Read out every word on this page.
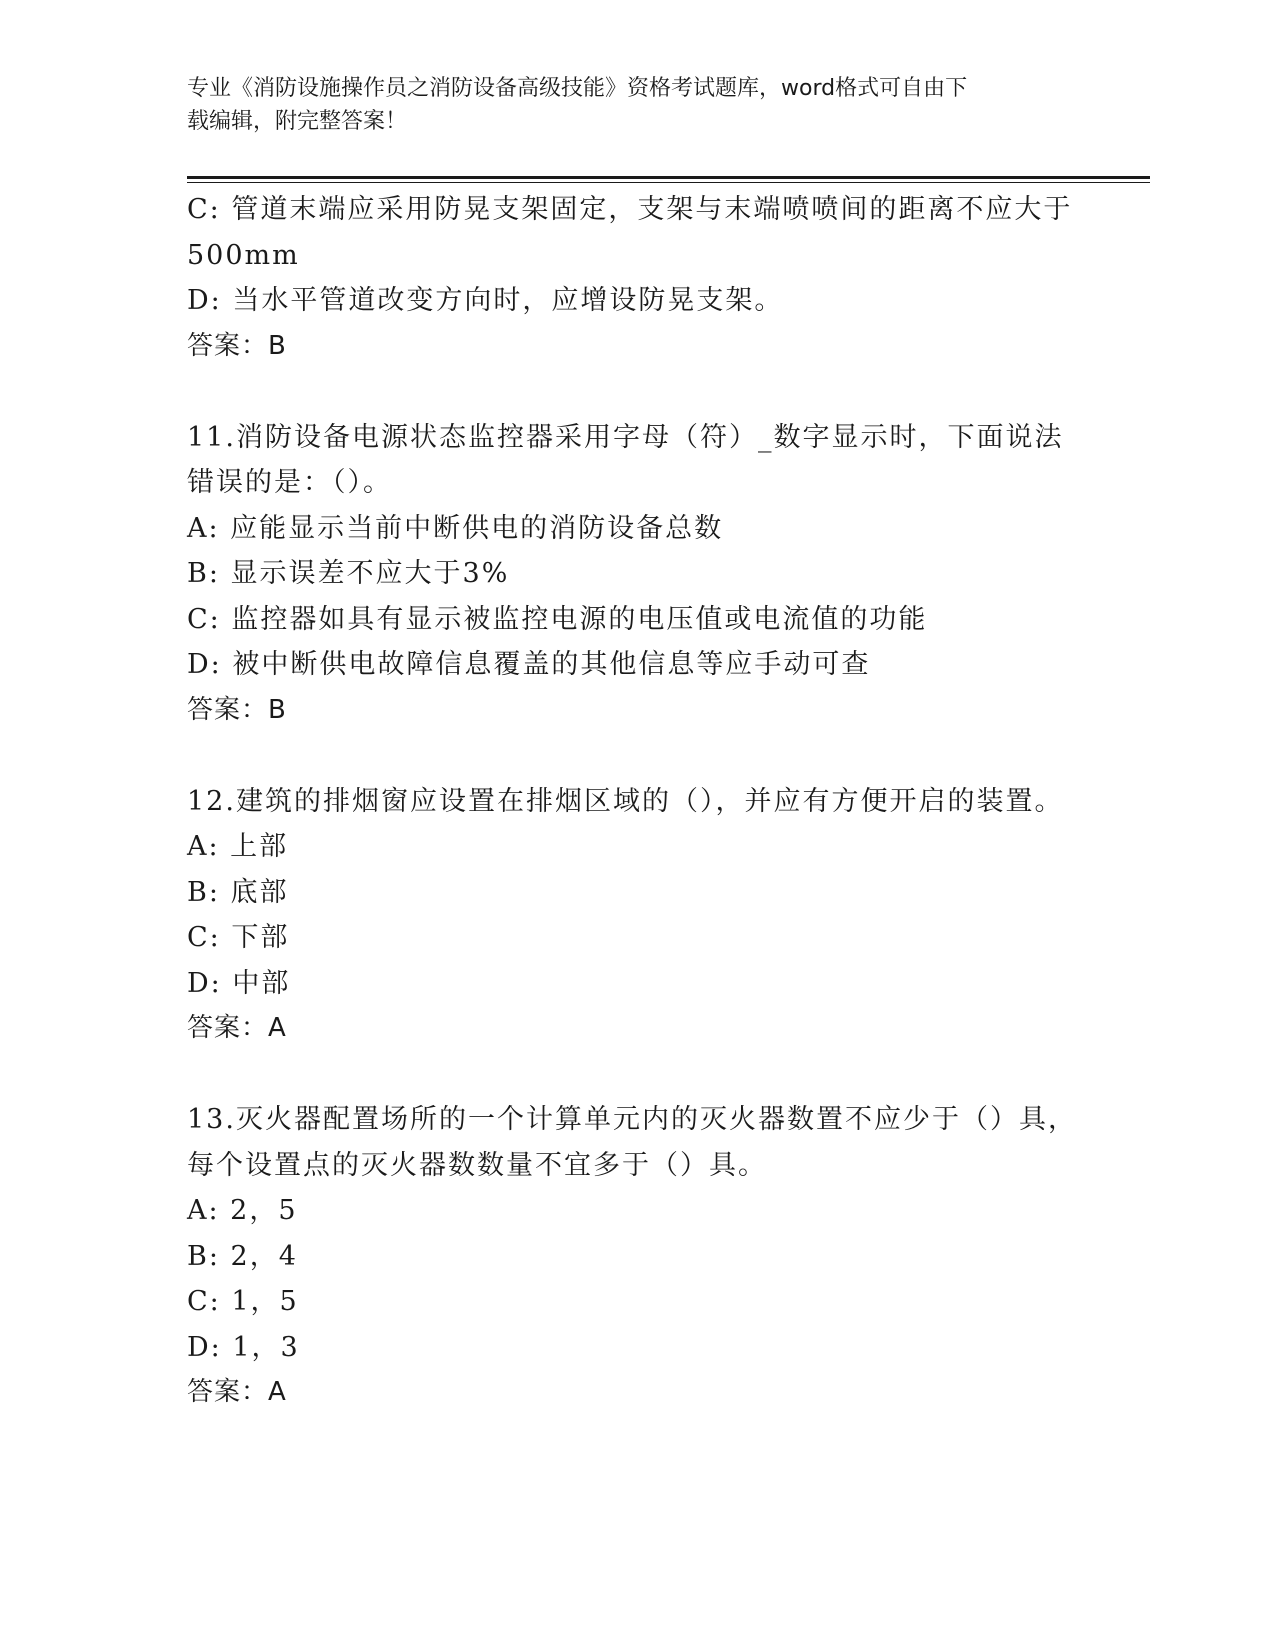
专业《消防设施操作员之消防设备高级技能》资格考试题库，word格式可自由下
载编辑，附完整答案！
C: 管道末端应采用防晃支架固定，支架与末端喷喷间的距离不应大于
500mm
D: 当水平管道改变方向时，应增设防晃支架。
答案：B
11.消防设备电源状态监控器采用字母（符）_数字显示时，下面说法
错误的是：（）。
A: 应能显示当前中断供电的消防设备总数
B: 显示误差不应大于3%
C: 监控器如具有显示被监控电源的电压值或电流值的功能
D: 被中断供电故障信息覆盖的其他信息等应手动可查
答案：B
12.建筑的排烟窗应设置在排烟区域的（），并应有方便开启的装置。
A: 上部
B: 底部
C: 下部
D: 中部
答案：A
13.灭火器配置场所的一个计算单元内的灭火器数置不应少于（）具，
每个设置点的灭火器数数量不宜多于（）具。
A: 2，5
B: 2，4
C: 1，5
D: 1，3
答案：A
